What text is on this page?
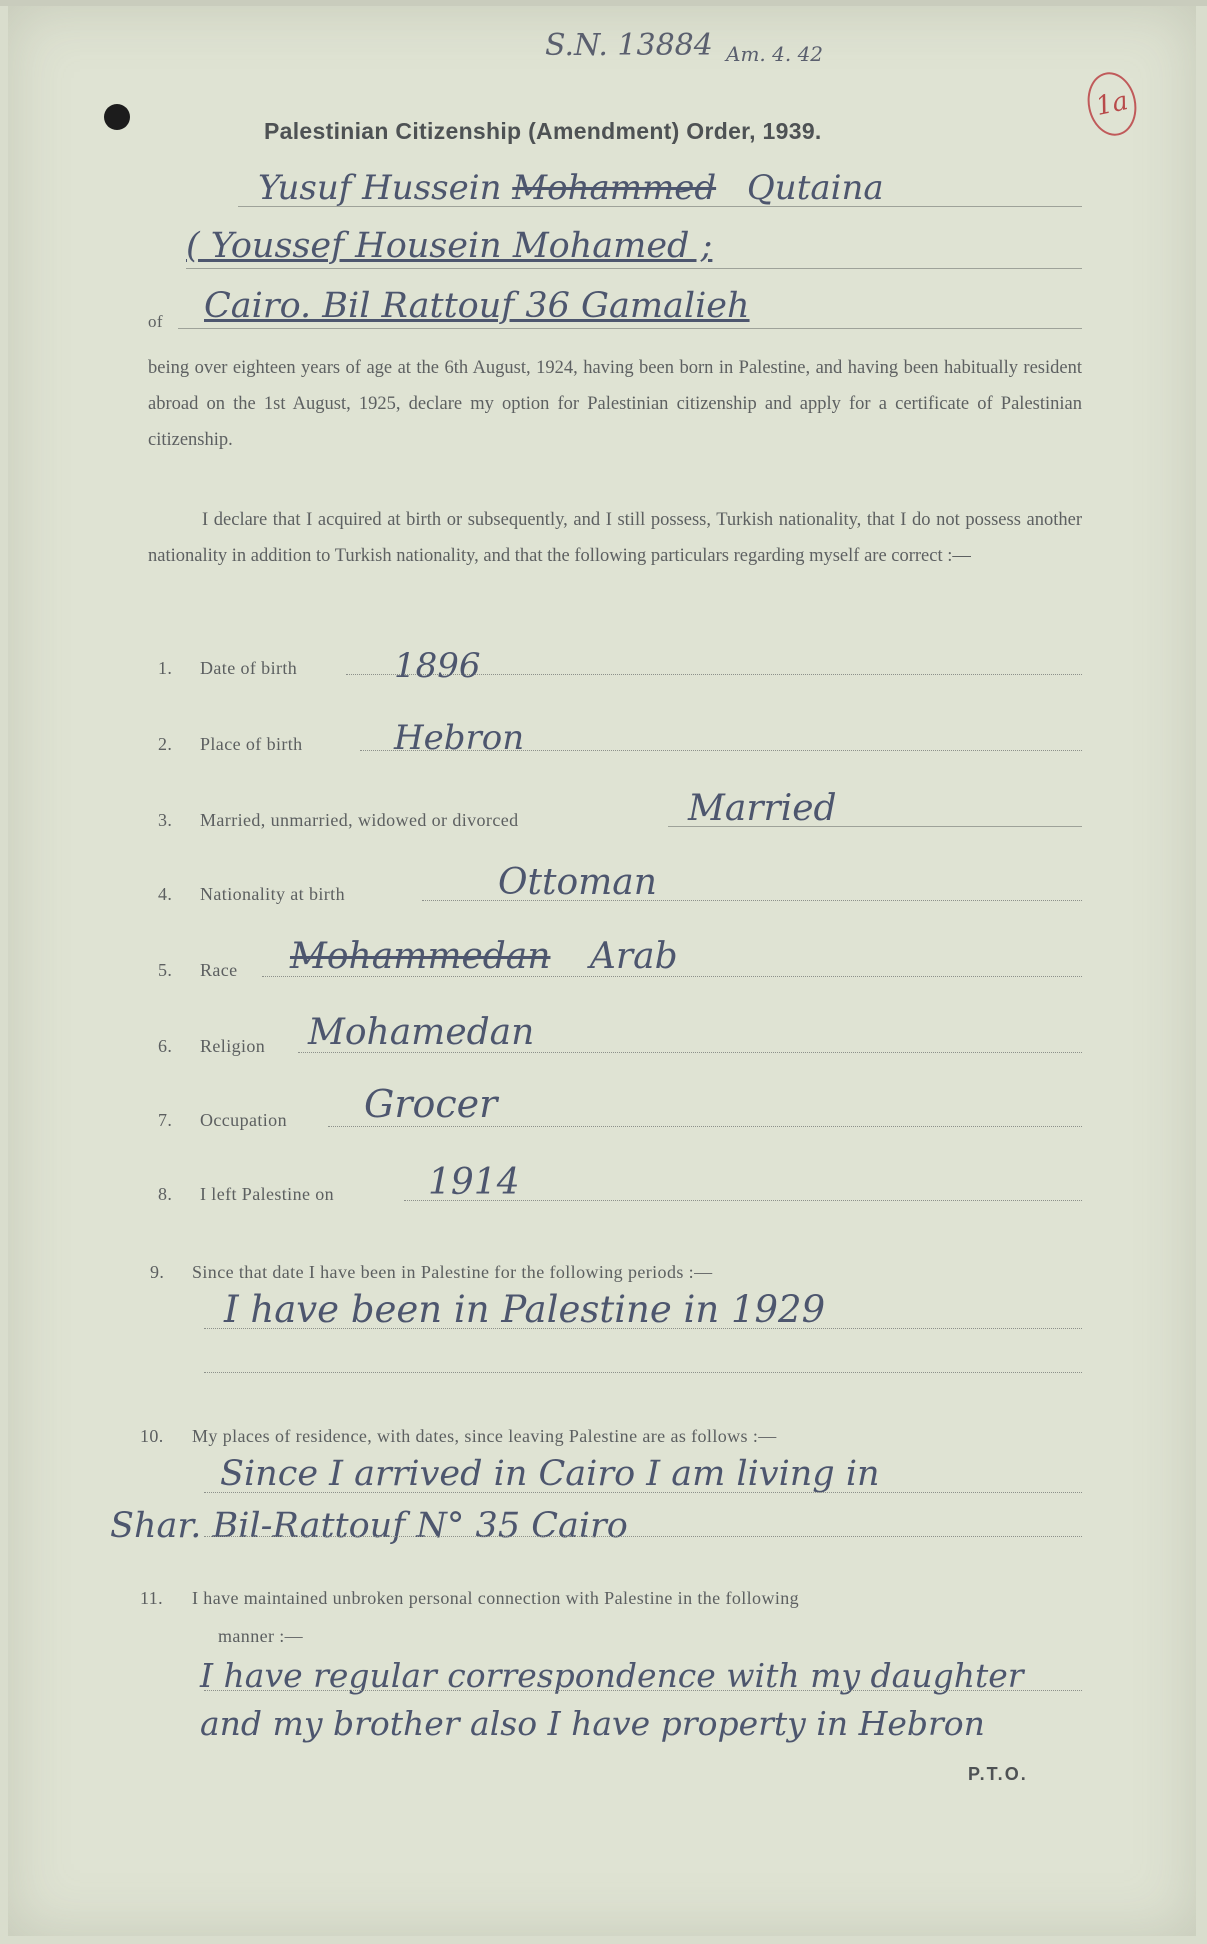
S.N. 13884 Am. 4. 42
1a
Palestinian Citizenship (Amendment) Order, 1939.
Yusuf Hussein Mohammed Qutaina
( Youssef Housein Mohamed ;
of Cairo. Bil Rattouf 36 Gamalieh
being over eighteen years of age at the 6th August, 1924, having been born in Palestine, and having been habitually resident abroad on the 1st August, 1925, declare my option for Palestinian citizenship and apply for a certificate of Palestinian citizenship.
I declare that I acquired at birth or subsequently, and I still possess, Turkish nationality, that I do not possess another nationality in addition to Turkish nationality, and that the following particulars regarding myself are correct :—
1. Date of birth	1896
2. Place of birth	Hebron
3. Married, unmarried, widowed or divorced	Married
4. Nationality at birth	Ottoman
5. Race Mohammedan Arab
6. Religion Mohamedan
7. Occupation Grocer
8. I left Palestine on	1914
9. Since that date I have been in Palestine for the following periods :—
I have been in Palestine in 1929
10. My places of residence, with dates, since leaving Palestine are as follows :—
Since I arrived in Cairo I am living in
Shar. Bil-Rattouf N° 35 Cairo
11. I have maintained unbroken personal connection with Palestine in the following
manner :—
I have regular correspondence with my daughter
and my brother also I have property in Hebron
P.T.O.
